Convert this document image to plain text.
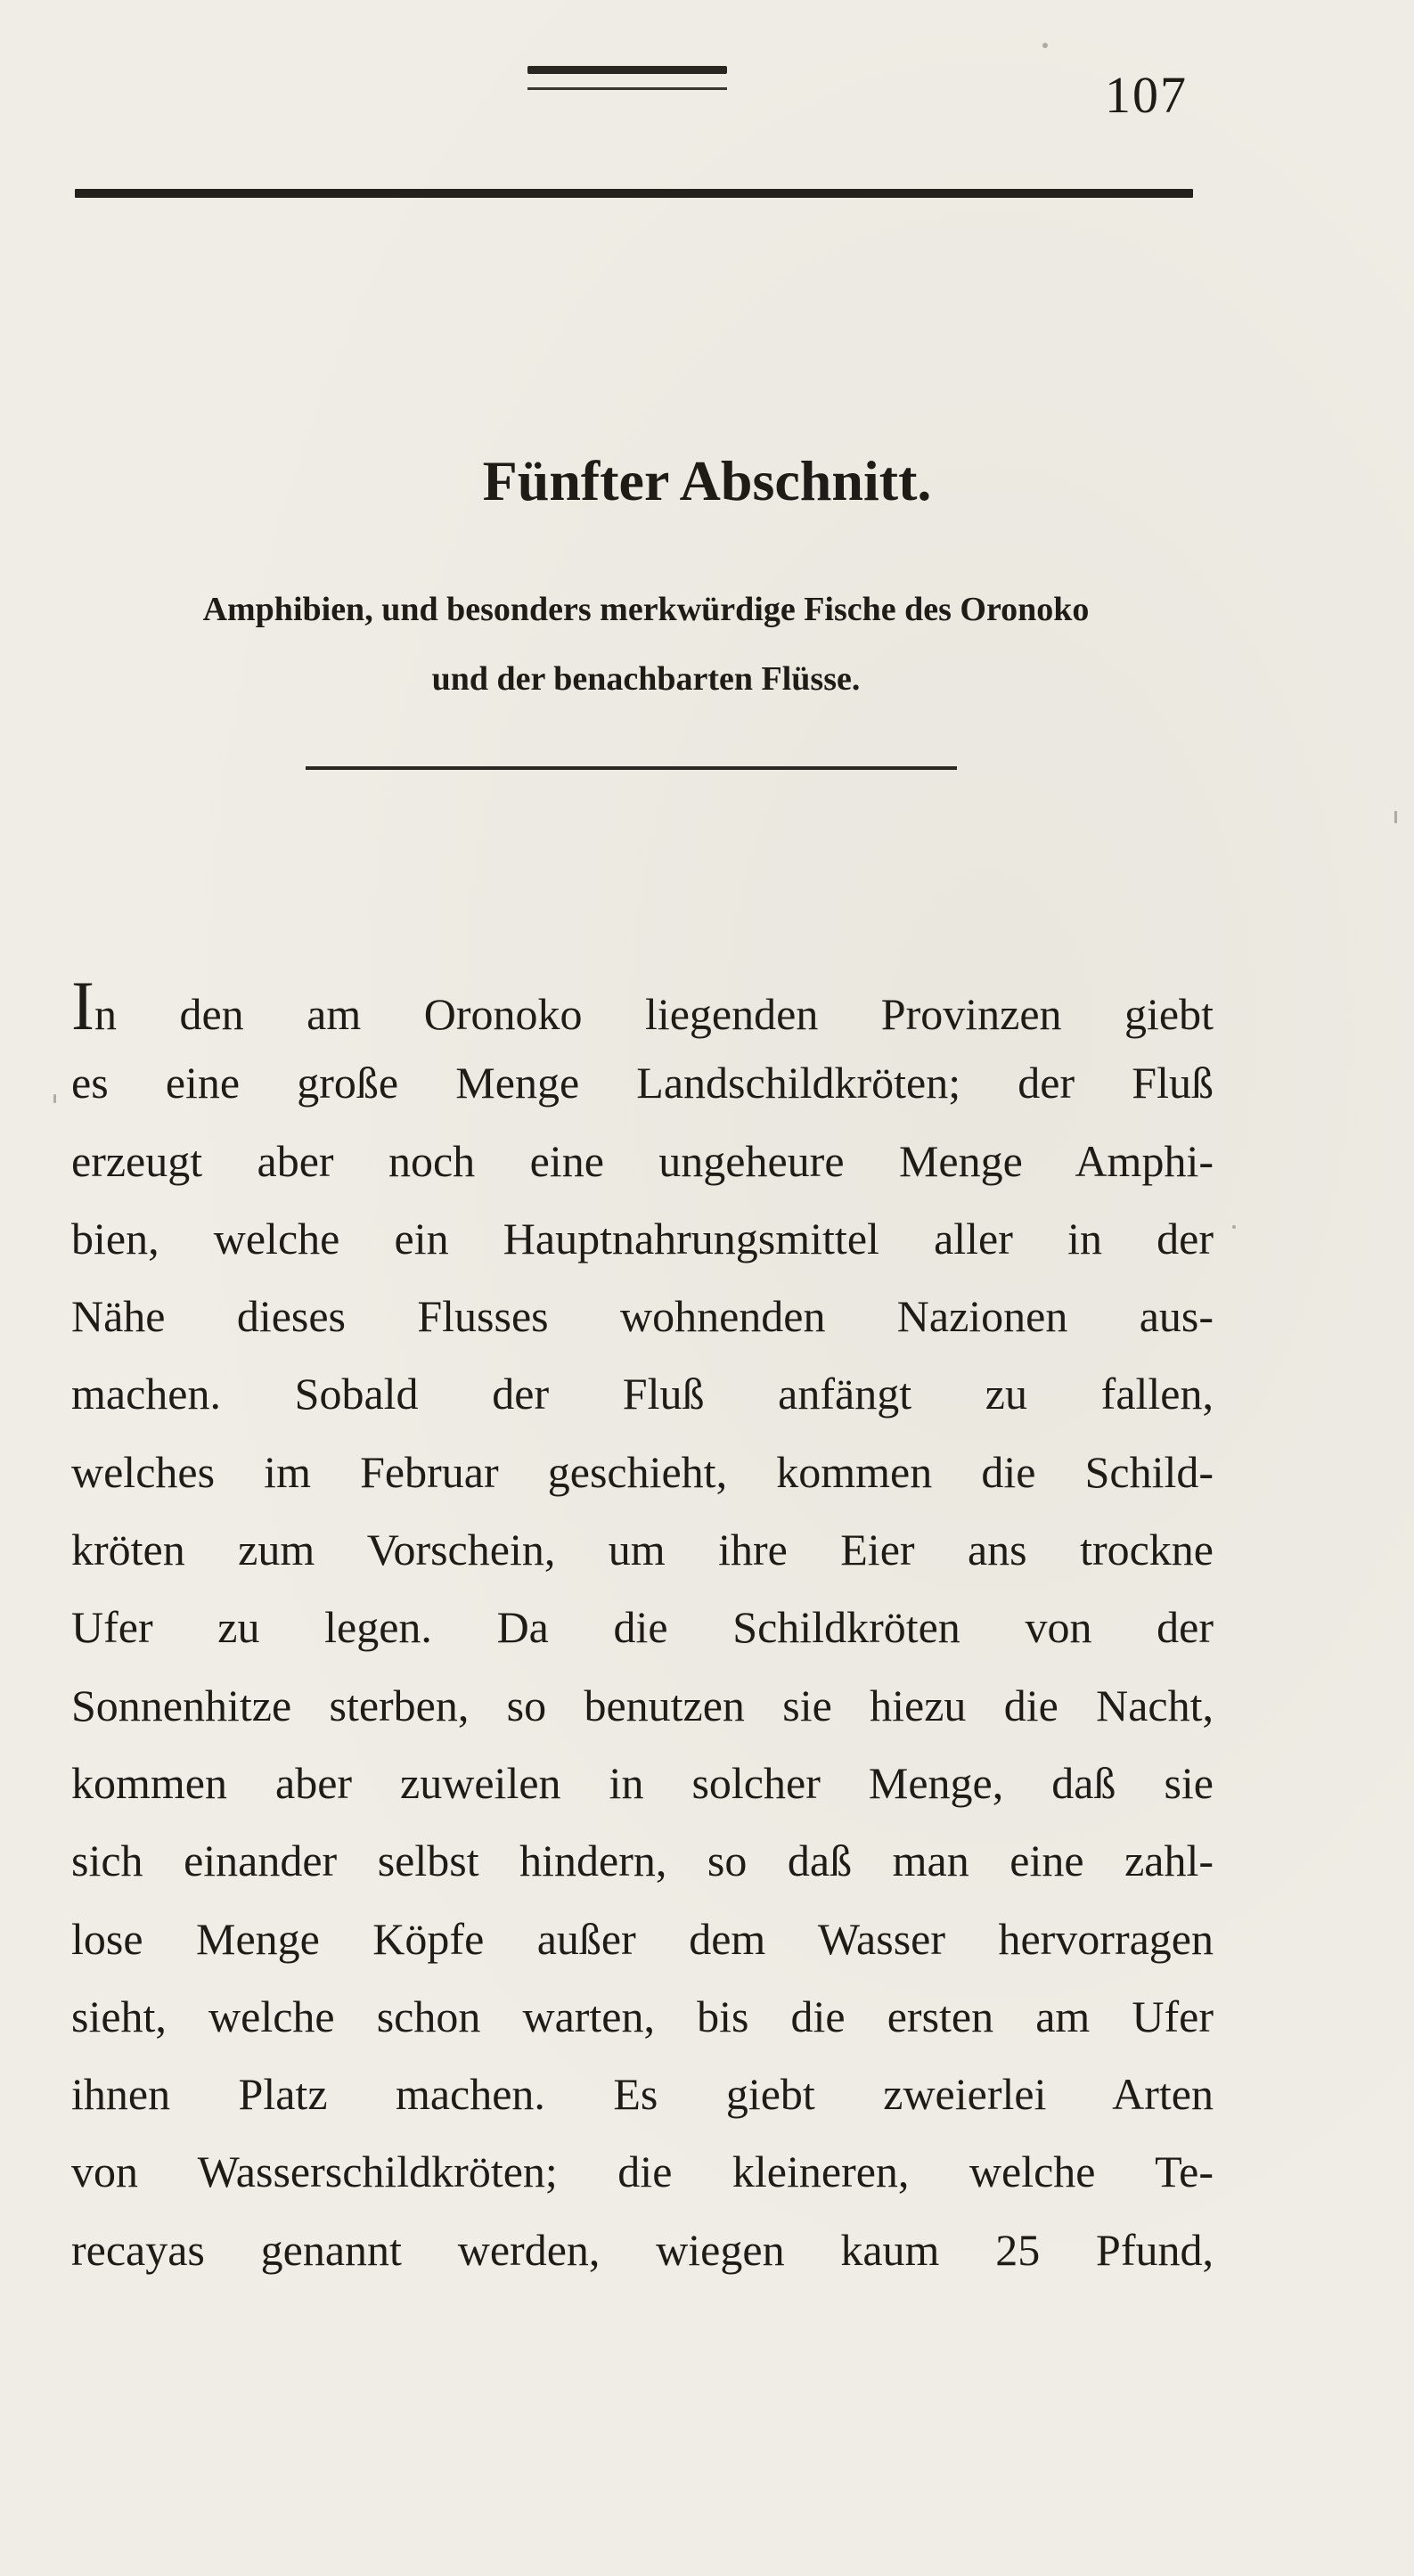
107
Fünfter Abschnitt.
Amphibien, und besonders merkwürdige Fische des Oronoko
und der benachbarten Flüsse.
In den am Oronoko liegenden Provinzen giebt
es eine große Menge Landschildkröten; der Fluß
erzeugt aber noch eine ungeheure Menge Amphi-
bien, welche ein Hauptnahrungsmittel aller in der
Nähe dieses Flusses wohnenden Nazionen aus-
machen. Sobald der Fluß anfängt zu fallen,
welches im Februar geschieht, kommen die Schild-
kröten zum Vorschein, um ihre Eier ans trockne
Ufer zu legen. Da die Schildkröten von der
Sonnenhitze sterben, so benutzen sie hiezu die Nacht,
kommen aber zuweilen in solcher Menge, daß sie
sich einander selbst hindern, so daß man eine zahl-
lose Menge Köpfe außer dem Wasser hervorragen
sieht, welche schon warten, bis die ersten am Ufer
ihnen Platz machen. Es giebt zweierlei Arten
von Wasserschildkröten; die kleineren, welche Te-
recayas genannt werden, wiegen kaum 25 Pfund,
